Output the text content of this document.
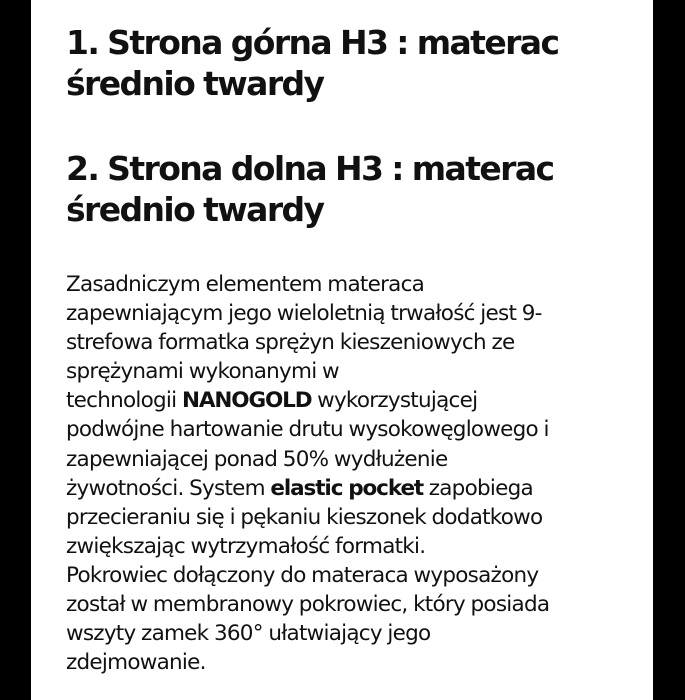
1. Strona górna H3 : materac
średnio twardy
2. Strona dolna H3 : materac
średnio twardy

Zasadniczym elementem materaca
zapewniającym jego wieloletnią trwałość jest 9-
strefowa formatka sprężyn kieszeniowych ze
sprężynami wykonanymi w
technologii NANOGOLD wykorzystującej
podwójne hartowanie drutu wysokowęglowego i
zapewniającej ponad 50% wydłużenie
żywotności. System elastic pocket zapobiega
przecieraniu się i pękaniu kieszonek dodatkowo
zwiększając wytrzymałość formatki.
Pokrowiec dołączony do materaca wyposażony
został w membranowy pokrowiec, który posiada
wszyty zamek 360° ułatwiający jego
zdejmowanie.
